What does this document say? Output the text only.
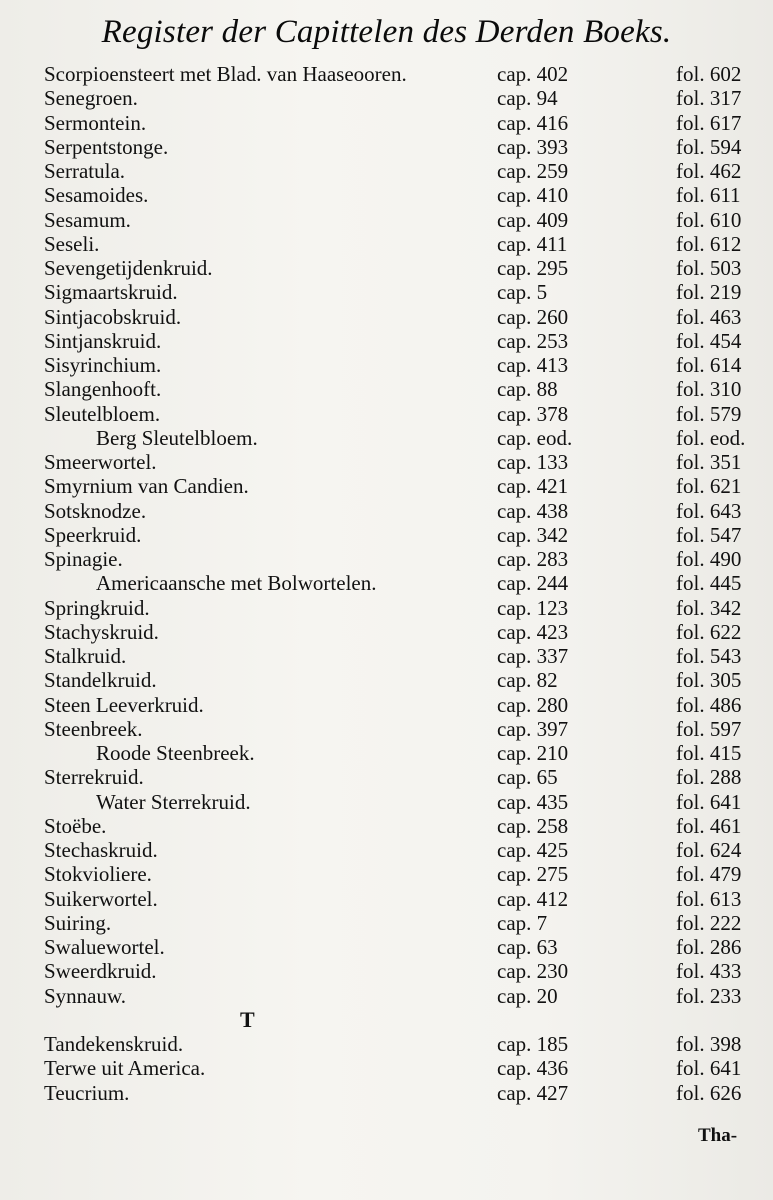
Register der Capittelen des Derden Boeks.
Scorpioensteert met Blad. van Haaseooren.	cap. 402	fol. 602
Senegroen.	cap. 94	fol. 317
Sermontein.	cap. 416	fol. 617
Serpentstonge.	cap. 393	fol. 594
Serratula.	cap. 259	fol. 462
Sesamoides.	cap. 410	fol. 611
Sesamum.	cap. 409	fol. 610
Seseli.	cap. 411	fol. 612
Sevengetijdenkruid.	cap. 295	fol. 503
Sigmaartskruid.	cap. 5	fol. 219
Sintjacobskruid.	cap. 260	fol. 463
Sintjanskruid.	cap. 253	fol. 454
Sisyrinchium.	cap. 413	fol. 614
Slangenhooft.	cap. 88	fol. 310
Sleutelbloem.	cap. 378	fol. 579
Berg Sleutelbloem.	cap. eod.	fol. eod.
Smeerwortel.	cap. 133	fol. 351
Smyrnium van Candien.	cap. 421	fol. 621
Sotsknodze.	cap. 438	fol. 643
Speerkruid.	cap. 342	fol. 547
Spinagie.	cap. 283	fol. 490
Americaansche met Bolwortelen.	cap. 244	fol. 445
Springkruid.	cap. 123	fol. 342
Stachyskruid.	cap. 423	fol. 622
Stalkruid.	cap. 337	fol. 543
Standelkruid.	cap. 82	fol. 305
Steen Leeverkruid.	cap. 280	fol. 486
Steenbreek.	cap. 397	fol. 597
Roode Steenbreek.	cap. 210	fol. 415
Sterrekruid.	cap. 65	fol. 288
Water Sterrekruid.	cap. 435	fol. 641
Stoëbe.	cap. 258	fol. 461
Stechaskruid.	cap. 425	fol. 624
Stokvioliere.	cap. 275	fol. 479
Suikerwortel.	cap. 412	fol. 613
Suiring.	cap. 7	fol. 222
Swaluewortel.	cap. 63	fol. 286
Sweerdkruid.	cap. 230	fol. 433
Synnauw.	cap. 20	fol. 233
T
Tandekenskruid.	cap. 185	fol. 398
Terwe uit America.	cap. 436	fol. 641
Teucrium.	cap. 427	fol. 626
Tha-
